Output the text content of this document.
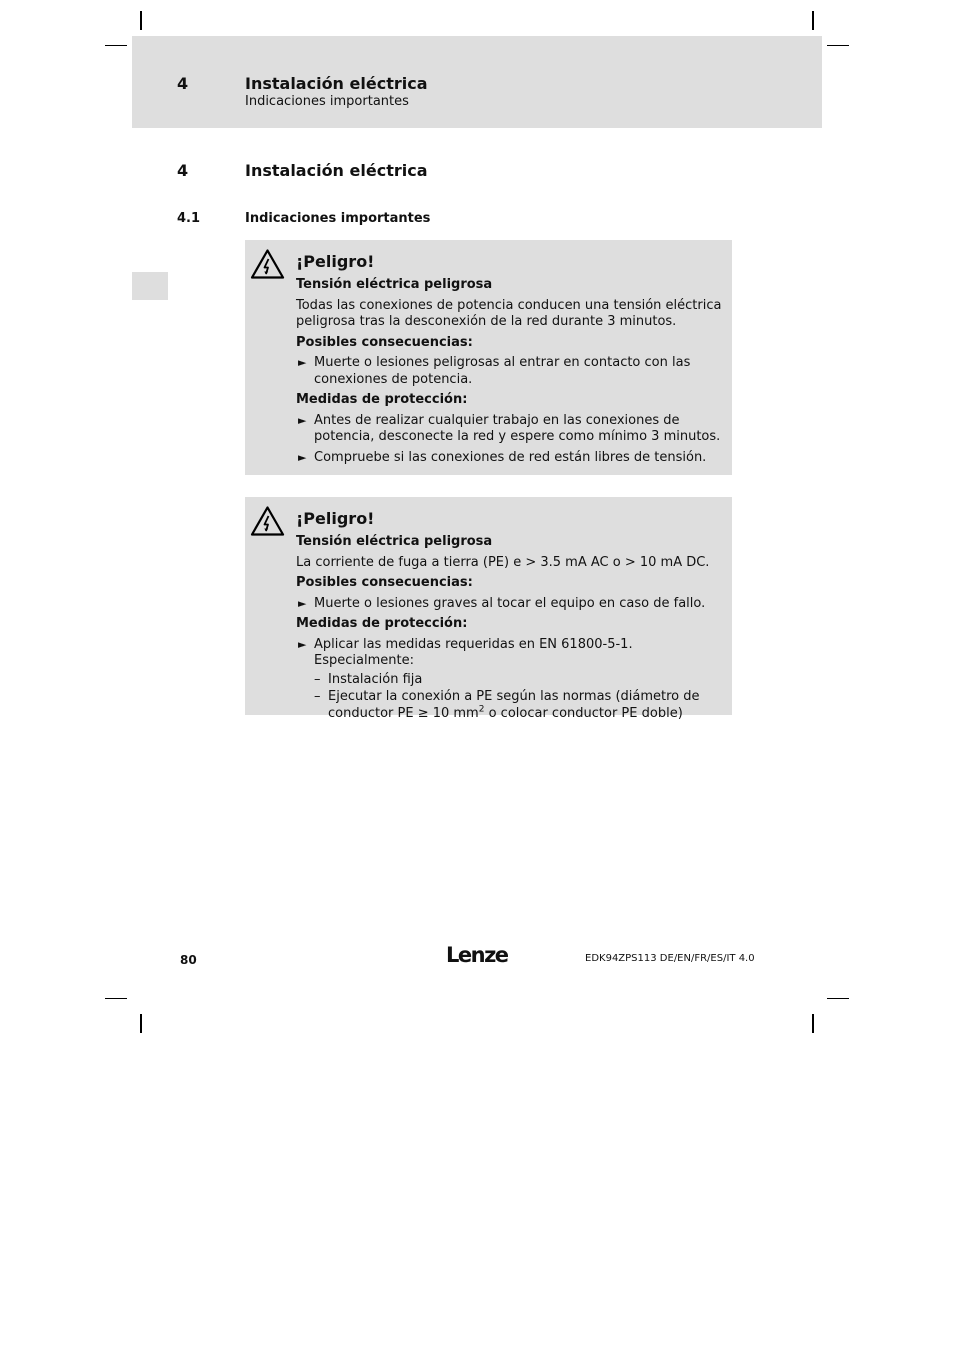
4	Instalación eléctrica
Indicaciones importantes
4	Instalación eléctrica
4.1	Indicaciones importantes
¡Peligro!
Tensión eléctrica peligrosa
Todas las conexiones de potencia conducen una tensión eléctrica peligrosa tras la desconexión de la red durante 3 minutos.
Posibles consecuencias:
► Muerte o lesiones peligrosas al entrar en contacto con las conexiones de potencia.
Medidas de protección:
► Antes de realizar cualquier trabajo en las conexiones de potencia, desconecte la red y espere como mínimo 3 minutos.
► Compruebe si las conexiones de red están libres de tensión.
¡Peligro!
Tensión eléctrica peligrosa
La corriente de fuga a tierra (PE) e > 3.5 mA AC o > 10 mA DC.
Posibles consecuencias:
► Muerte o lesiones graves al tocar el equipo en caso de fallo.
Medidas de protección:
► Aplicar las medidas requeridas en EN 61800-5-1. Especialmente:
– Instalación fija
– Ejecutar la conexión a PE según las normas (diámetro de conductor PE ≥ 10 $mm^2$ o colocar conductor PE doble)
80	Lenze	EDK94ZPS113 DE/EN/FR/ES/IT 4.0
